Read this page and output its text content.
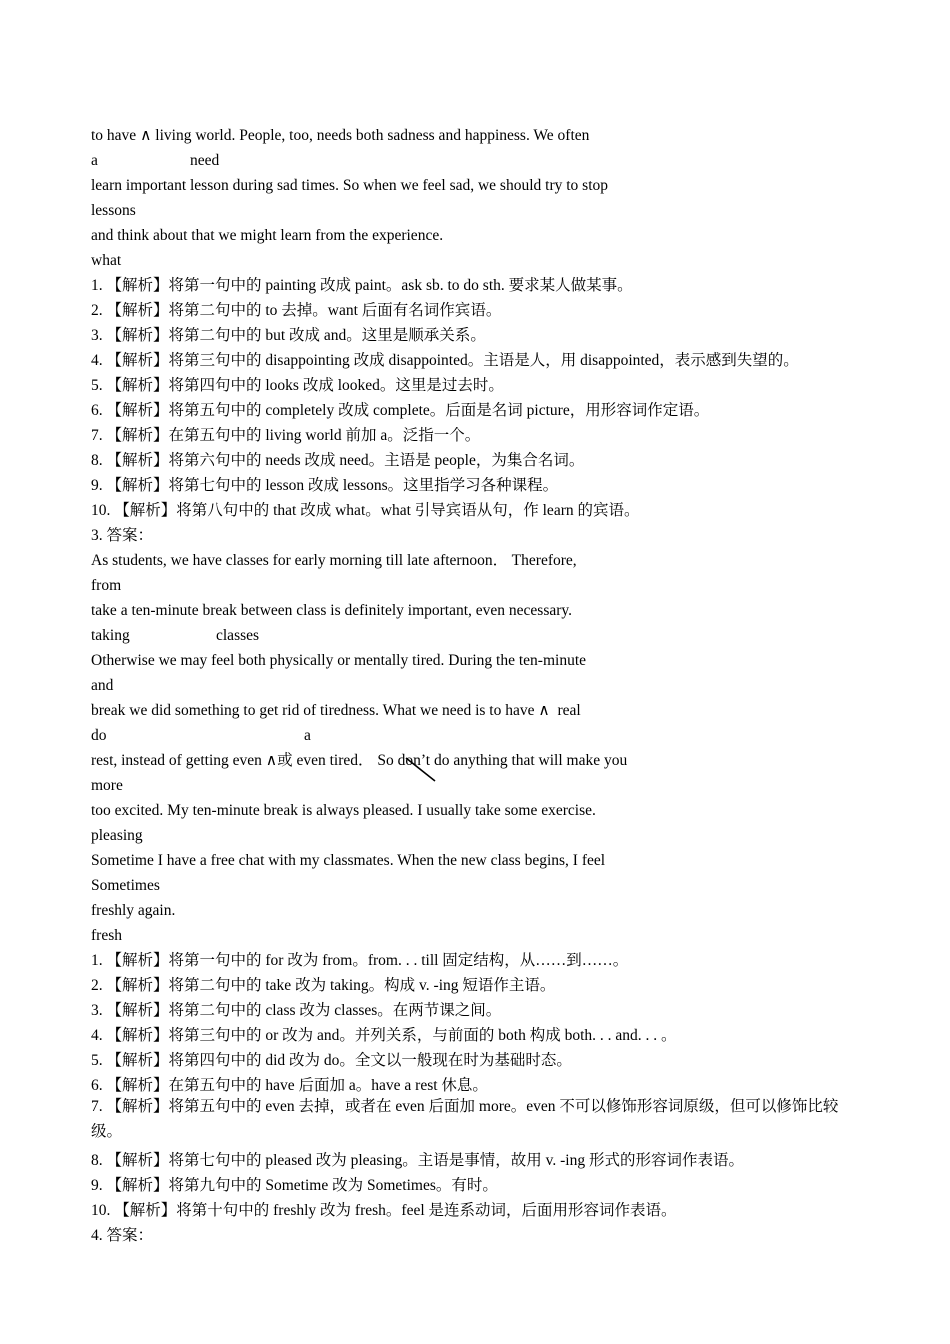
to have ∧ living world. People, too, needs both sadness and happiness. We often
a	need
learn important lesson during sad times. So when we feel sad, we should try to stop
lessons
and think about that we might learn from the experience.
what
1. 【解析】将第一句中的 painting 改成 paint。ask sb. to do sth. 要求某人做某事。
2. 【解析】将第二句中的 to 去掉。want 后面有名词作宾语。
3. 【解析】将第二句中的 but 改成 and。这里是顺承关系。
4. 【解析】将第三句中的 disappointing 改成 disappointed。主语是人，用 disappointed，表示感到失望的。
5. 【解析】将第四句中的 looks 改成 looked。这里是过去时。
6. 【解析】将第五句中的 completely 改成 complete。后面是名词 picture，用形容词作定语。
7. 【解析】在第五句中的 living world 前加 a。泛指一个。
8. 【解析】将第六句中的 needs 改成 need。主语是 people，为集合名词。
9. 【解析】将第七句中的 lesson 改成 lessons。这里指学习各种课程。
10. 【解析】将第八句中的 that 改成 what。what 引导宾语从句，作 learn 的宾语。
3. 答案：
As students, we have classes for early morning till late afternoon． Therefore,
from
take a ten-minute break between class is definitely important, even necessary.
taking	classes
Otherwise we may feel both physically or mentally tired. During the ten-minute
and
break we did something to get rid of tiredness. What we need is to have ∧  real
do	a
rest, instead of getting even ∧或 even tired． So don’t do anything that will make you
more
too excited. My ten-minute break is always pleased. I usually take some exercise.
pleasing
Sometime I have a free chat with my classmates. When the new class begins, I feel
Sometimes
freshly again.
fresh
1. 【解析】将第一句中的 for 改为 from。from. . . till 固定结构，从……到……。
2. 【解析】将第二句中的 take 改为 taking。构成 v. -ing 短语作主语。
3. 【解析】将第二句中的 class 改为 classes。在两节课之间。
4. 【解析】将第三句中的 or 改为 and。并列关系，与前面的 both 构成 both. . . and. . . 。
5. 【解析】将第四句中的 did 改为 do。全文以一般现在时为基础时态。
6. 【解析】在第五句中的 have 后面加 a。have a rest 休息。
7. 【解析】将第五句中的 even 去掉，或者在 even 后面加 more。even 不可以修饰形容词原级，但可以修饰比较级。
8. 【解析】将第七句中的 pleased 改为 pleasing。主语是事情，故用 v. -ing 形式的形容词作表语。
9. 【解析】将第九句中的 Sometime 改为 Sometimes。有时。
10. 【解析】将第十句中的 freshly 改为 fresh。feel 是连系动词，后面用形容词作表语。
4. 答案：
